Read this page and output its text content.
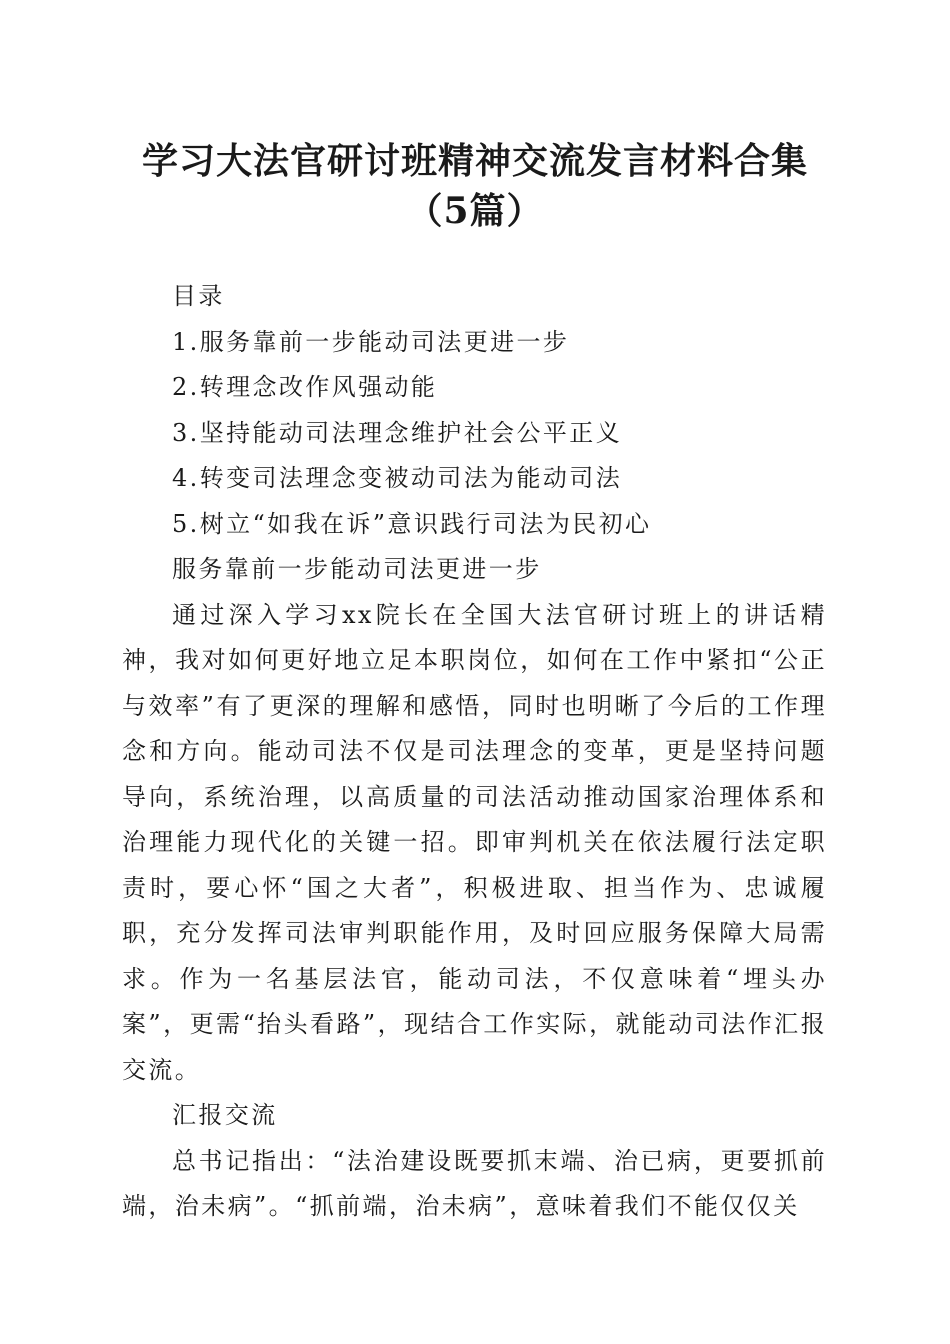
学习大法官研讨班精神交流发言材料合集（5篇）

目录

1.服务靠前一步能动司法更进一步

2.转理念改作风强动能

3.坚持能动司法理念维护社会公平正义

4.转变司法理念变被动司法为能动司法

5.树立“如我在诉”意识践行司法为民初心

服务靠前一步能动司法更进一步

通过深入学习xx院长在全国大法官研讨班上的讲话精神，我对如何更好地立足本职岗位，如何在工作中紧扣“公正与效率”有了更深的理解和感悟，同时也明晰了今后的工作理念和方向。能动司法不仅是司法理念的变革，更是坚持问题导向，系统治理，以高质量的司法活动推动国家治理体系和治理能力现代化的关键一招。即审判机关在依法履行法定职责时，要心怀“国之大者”，积极进取、担当作为、忠诚履职，充分发挥司法审判职能作用，及时回应服务保障大局需求。作为一名基层法官，能动司法，不仅意味着“埋头办案”，更需“抬头看路”，现结合工作实际，就能动司法作汇报交流。

汇报交流

总书记指出：“法治建设既要抓末端、治已病，更要抓前端，治未病”。“抓前端，治未病”，意味着我们不能仅仅关
